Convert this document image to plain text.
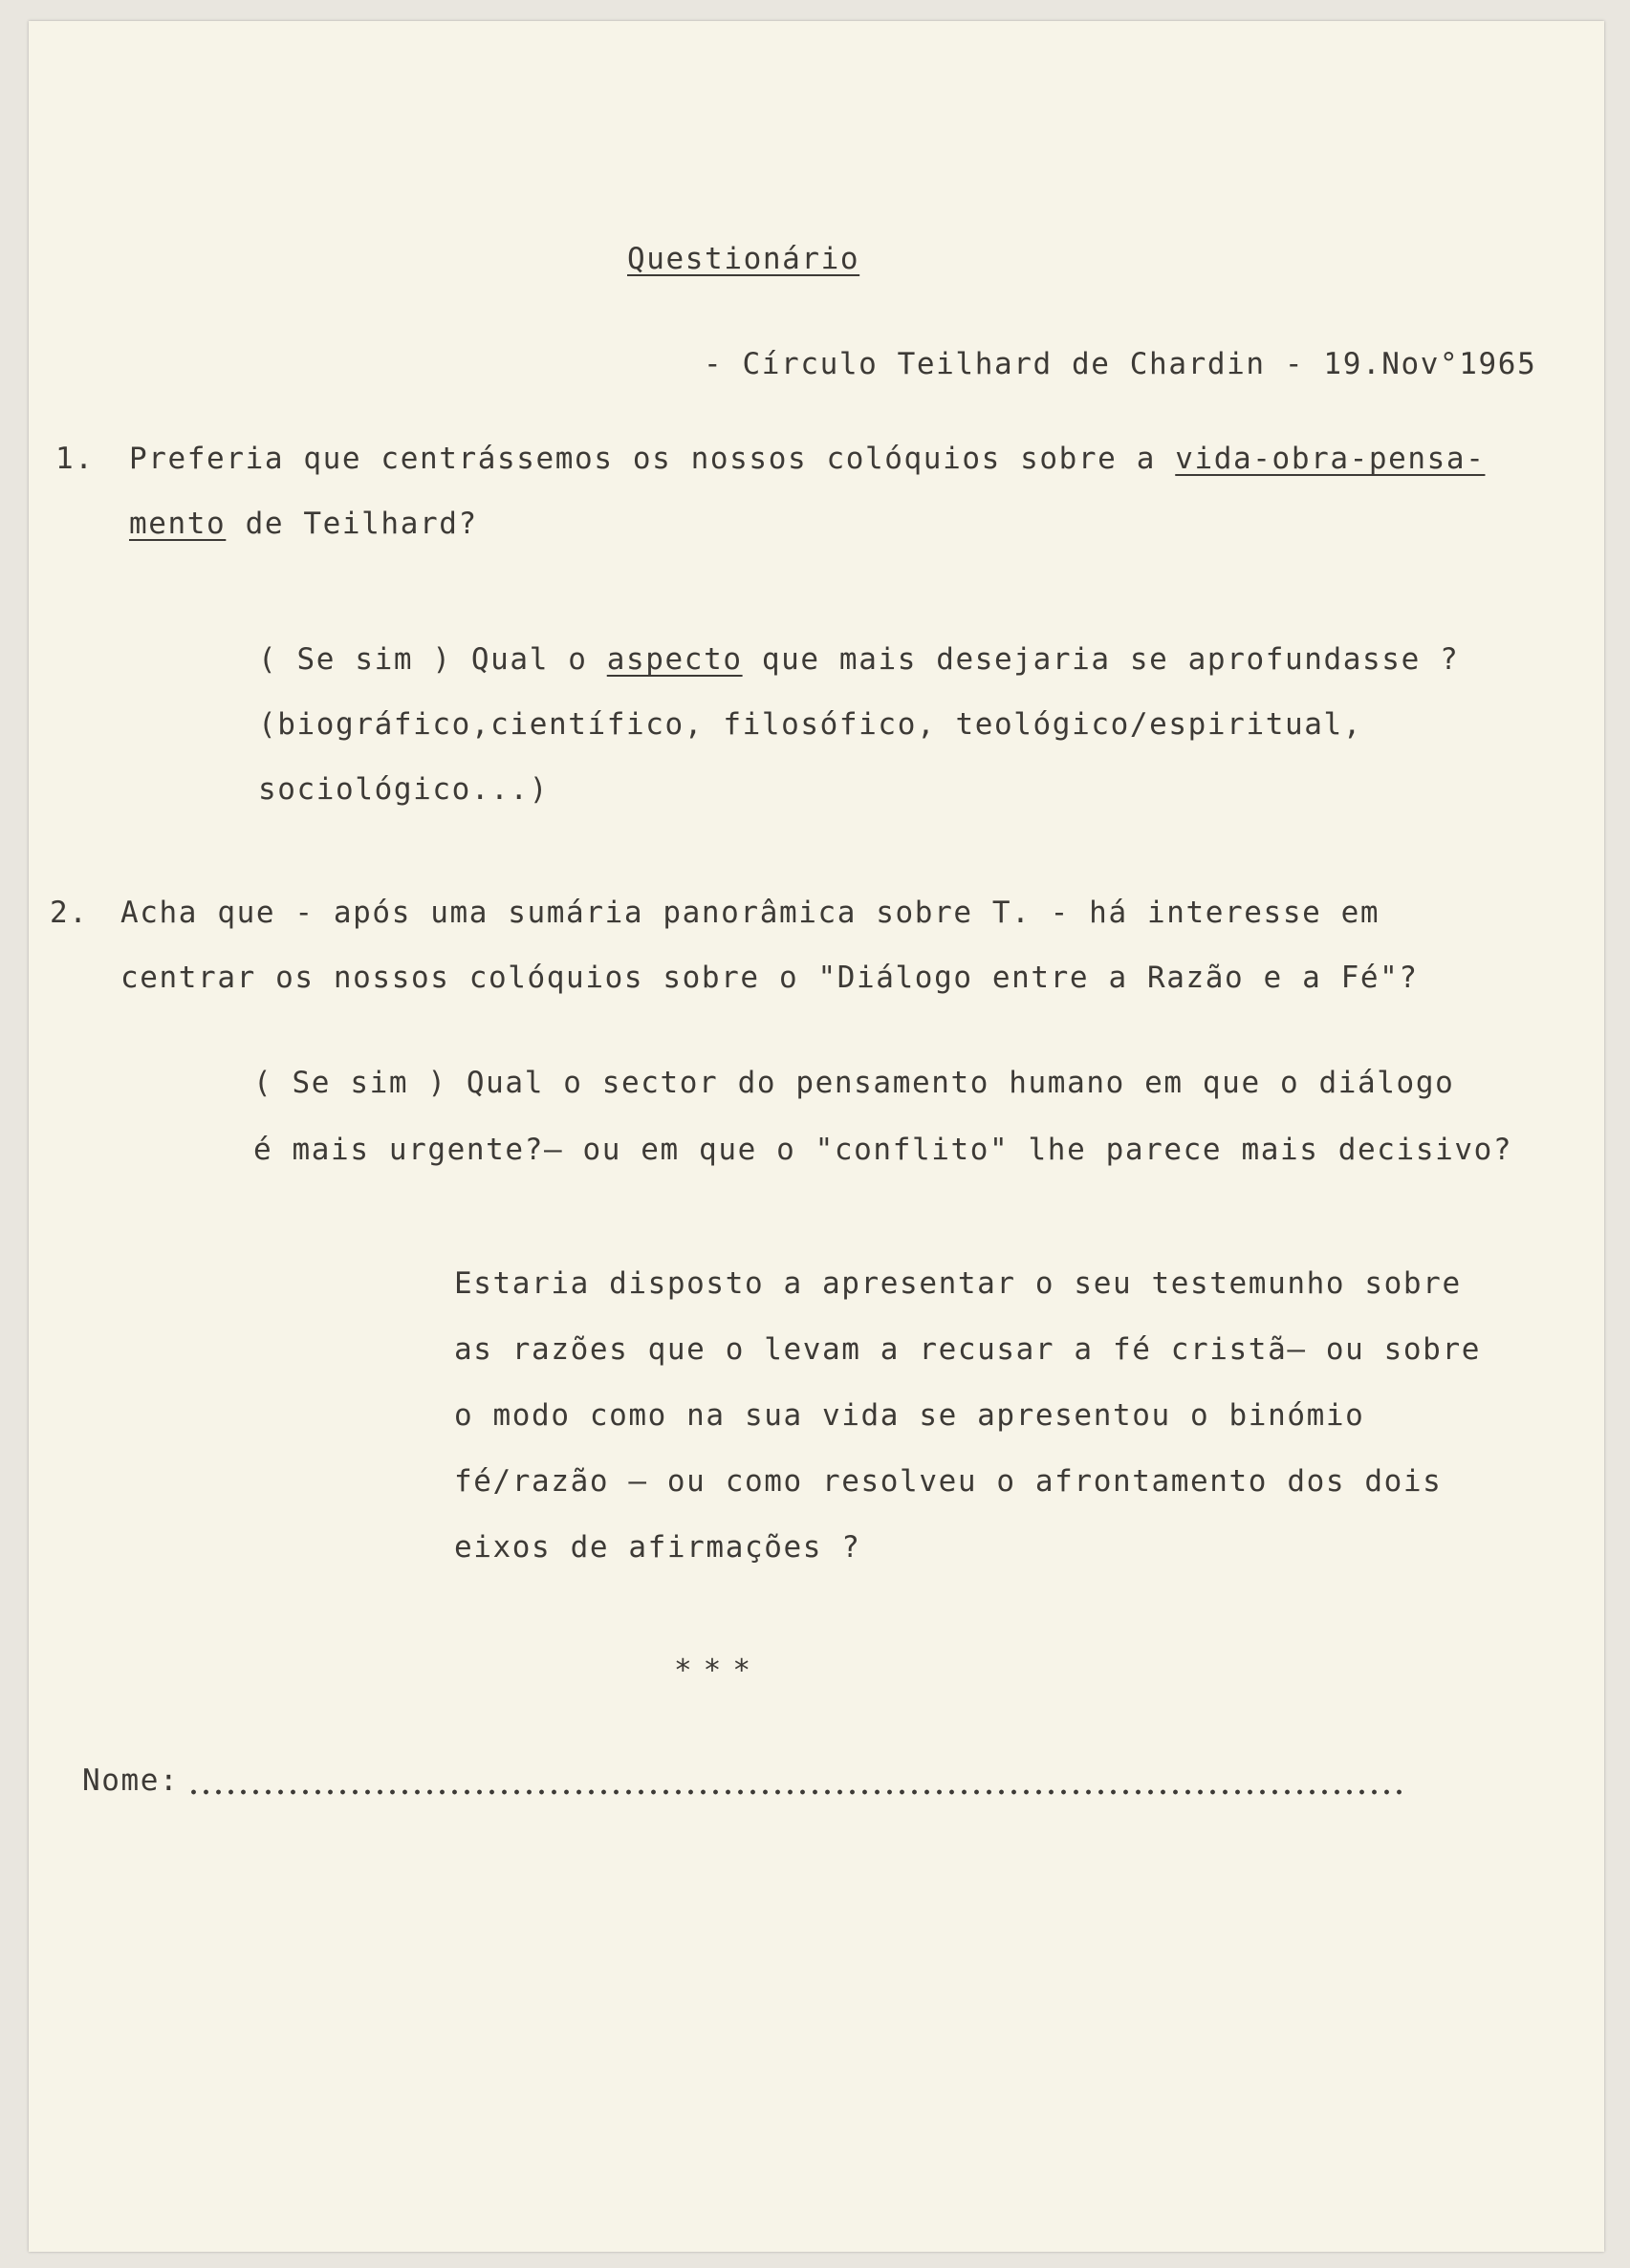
Questionário
- Círculo Teilhard de Chardin - 19.Nov°1965
1. Preferia que centrássemos os nossos colóquios sobre a vida-obra-pensa-
mento de Teilhard?
( Se sim ) Qual o aspecto que mais desejaria se aprofundasse ?
(biográfico,científico, filosófico, teológico/espiritual,
sociológico...)
2. Acha que - após uma sumária panorâmica sobre T. - há interesse em
centrar os nossos colóquios sobre o "Diálogo entre a Razão e a Fé"?
( Se sim ) Qual o sector do pensamento humano em que o diálogo
é mais urgente?— ou em que o "conflito" lhe parece mais decisivo?
Estaria disposto a apresentar o seu testemunho sobre
as razões que o levam a recusar a fé cristã— ou sobre
o modo como na sua vida se apresentou o binómio
fé/razão — ou como resolveu o afrontamento dos dois
eixos de afirmações ?
***
Nome:
